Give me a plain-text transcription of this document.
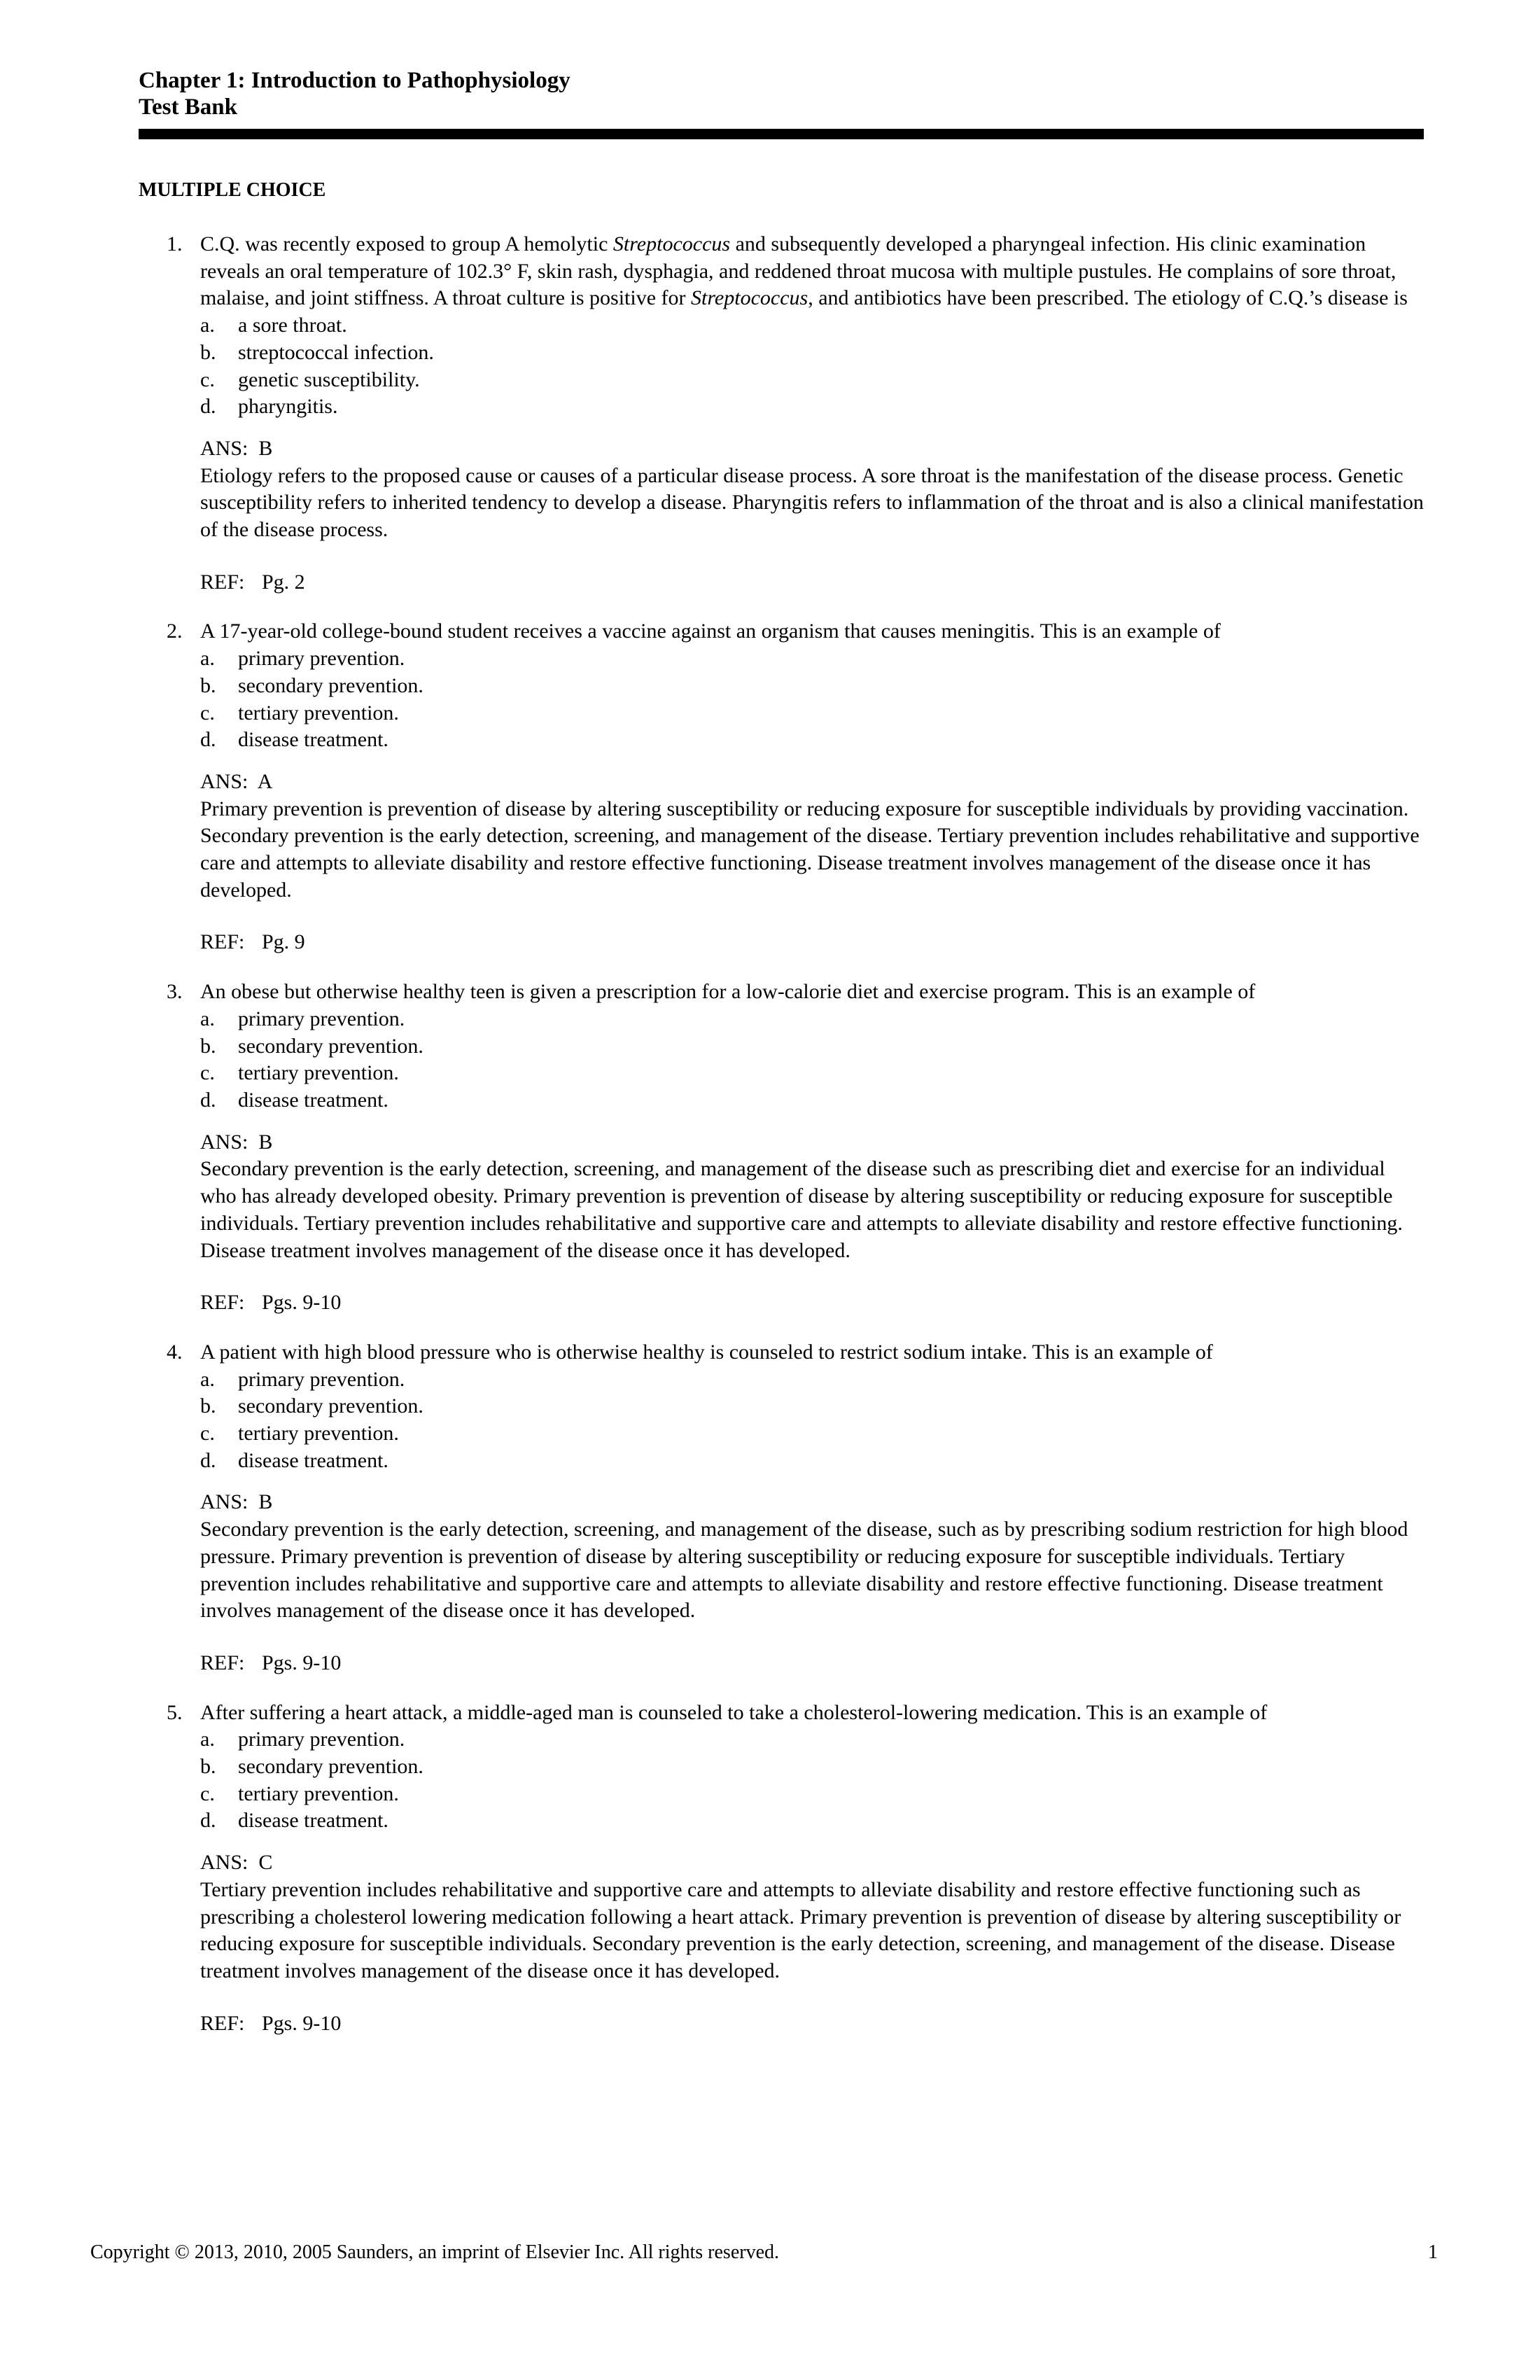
Chapter 1: Introduction to Pathophysiology
Test Bank
MULTIPLE CHOICE
1. C.Q. was recently exposed to group A hemolytic Streptococcus and subsequently developed a pharyngeal infection. His clinic examination reveals an oral temperature of 102.3° F, skin rash, dysphagia, and reddened throat mucosa with multiple pustules. He complains of sore throat, malaise, and joint stiffness. A throat culture is positive for Streptococcus, and antibiotics have been prescribed. The etiology of C.Q.’s disease is
a. a sore throat.
b. streptococcal infection.
c. genetic susceptibility.
d. pharyngitis.
ANS:  B
Etiology refers to the proposed cause or causes of a particular disease process. A sore throat is the manifestation of the disease process. Genetic susceptibility refers to inherited tendency to develop a disease. Pharyngitis refers to inflammation of the throat and is also a clinical manifestation of the disease process.
REF: Pg. 2
2. A 17-year-old college-bound student receives a vaccine against an organism that causes meningitis. This is an example of
a. primary prevention.
b. secondary prevention.
c. tertiary prevention.
d. disease treatment.
ANS:  A
Primary prevention is prevention of disease by altering susceptibility or reducing exposure for susceptible individuals by providing vaccination. Secondary prevention is the early detection, screening, and management of the disease. Tertiary prevention includes rehabilitative and supportive care and attempts to alleviate disability and restore effective functioning. Disease treatment involves management of the disease once it has developed.
REF: Pg. 9
3. An obese but otherwise healthy teen is given a prescription for a low-calorie diet and exercise program. This is an example of
a. primary prevention.
b. secondary prevention.
c. tertiary prevention.
d. disease treatment.
ANS:  B
Secondary prevention is the early detection, screening, and management of the disease such as prescribing diet and exercise for an individual who has already developed obesity. Primary prevention is prevention of disease by altering susceptibility or reducing exposure for susceptible individuals. Tertiary prevention includes rehabilitative and supportive care and attempts to alleviate disability and restore effective functioning. Disease treatment involves management of the disease once it has developed.
REF: Pgs. 9-10
4. A patient with high blood pressure who is otherwise healthy is counseled to restrict sodium intake. This is an example of
a. primary prevention.
b. secondary prevention.
c. tertiary prevention.
d. disease treatment.
ANS:  B
Secondary prevention is the early detection, screening, and management of the disease, such as by prescribing sodium restriction for high blood pressure. Primary prevention is prevention of disease by altering susceptibility or reducing exposure for susceptible individuals. Tertiary prevention includes rehabilitative and supportive care and attempts to alleviate disability and restore effective functioning. Disease treatment involves management of the disease once it has developed.
REF: Pgs. 9-10
5. After suffering a heart attack, a middle-aged man is counseled to take a cholesterol-lowering medication. This is an example of
a. primary prevention.
b. secondary prevention.
c. tertiary prevention.
d. disease treatment.
ANS:  C
Tertiary prevention includes rehabilitative and supportive care and attempts to alleviate disability and restore effective functioning such as prescribing a cholesterol lowering medication following a heart attack. Primary prevention is prevention of disease by altering susceptibility or reducing exposure for susceptible individuals. Secondary prevention is the early detection, screening, and management of the disease. Disease treatment involves management of the disease once it has developed.
REF: Pgs. 9-10
Copyright © 2013, 2010, 2005 Saunders, an imprint of Elsevier Inc. All rights reserved.	1
